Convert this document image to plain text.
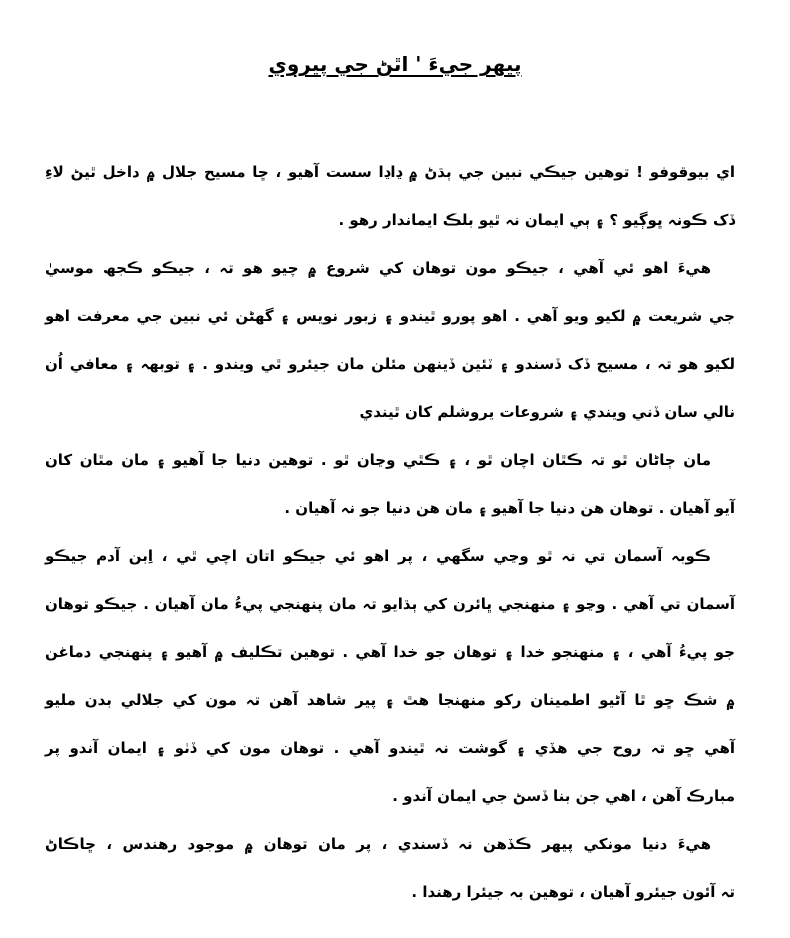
پيهر جيءَ ' اٿڻ جي پيروي
اي بيوقوفو ! توهين جيڪي نبين جي ٻڌڻ ۾ ڍاڍا سست آهيو ، ڇا مسيح جلال ۾ داخل ٿيڻ لاءِ
ڏک ڪونہ ڀوڳيو ؟ ۽ ٻي ايمان نہ ٿيو بلڪ ايماندار رهو .
هيءَ اهو ئي آهي ، جيڪو مون توهان کي شروع ۾ چيو هو تہ ، جيڪو ڪجھ موسيٰ
جي شريعت ۾ لکيو ويو آهي . اهو پورو ٿيندو ۽ زبور نويس ۽ گهڻن ئي نبين جي معرفت اهو
لکيو هو تہ ، مسيح ڏک ڏسندو ۽ ٽئين ڏينهن مئلن مان جيئرو ٿي ويندو . ۽ توبهہ ۽ معافي اُن
نالي سان ڏني ويندي ۽ شروعات يروشلم کان ٿيندي
مان ڄاڻان ٿو تہ ڪٿان اچان ٿو ، ۽ ڪٿي وڃان ٿو . توهين دنيا جا آهيو ۽ مان مٿان کان
آيو آهيان . توهان هن دنيا جا آهيو ۽ مان هن دنيا جو نہ آهيان .
ڪوبہ آسمان تي نہ ٿو وڃي سگهي ، پر اهو ئي جيڪو اتان اچي ٿي ، اِبن آدم جيڪو
آسمان تي آهي . وڃو ۽ منهنجي ڀائرن کي ٻڌايو تہ مان پنهنجي پيءُ مان آهيان . جيڪو توهان
جو پيءُ آهي ، ۽ منهنجو خدا ۽ توهان جو خدا آهي . توهين تڪليف ۾ آهيو ۽ پنهنجي دماغن
۾ شڪ ڇو ٿا آڻيو اطمينان رکو منهنجا هٿ ۽ پير شاهد آهن تہ مون کي جلالي بدن مليو
آهي ڇو تہ روح جي هڏي ۽ گوشت نہ ٿيندو آهي . توهان مون کي ڏٺو ۽ ايمان آندو پر
مبارڪ آهن ، اهي جن بنا ڏسڻ جي ايمان آندو .
هيءَ دنيا مونکي پيهر ڪڏهن نہ ڏسندي ، پر مان توهان ۾ موجود رهندس ، ڇاڪاڻ
تہ آئون جيئرو آهيان ، توهين بہ جيئرا رهندا .
